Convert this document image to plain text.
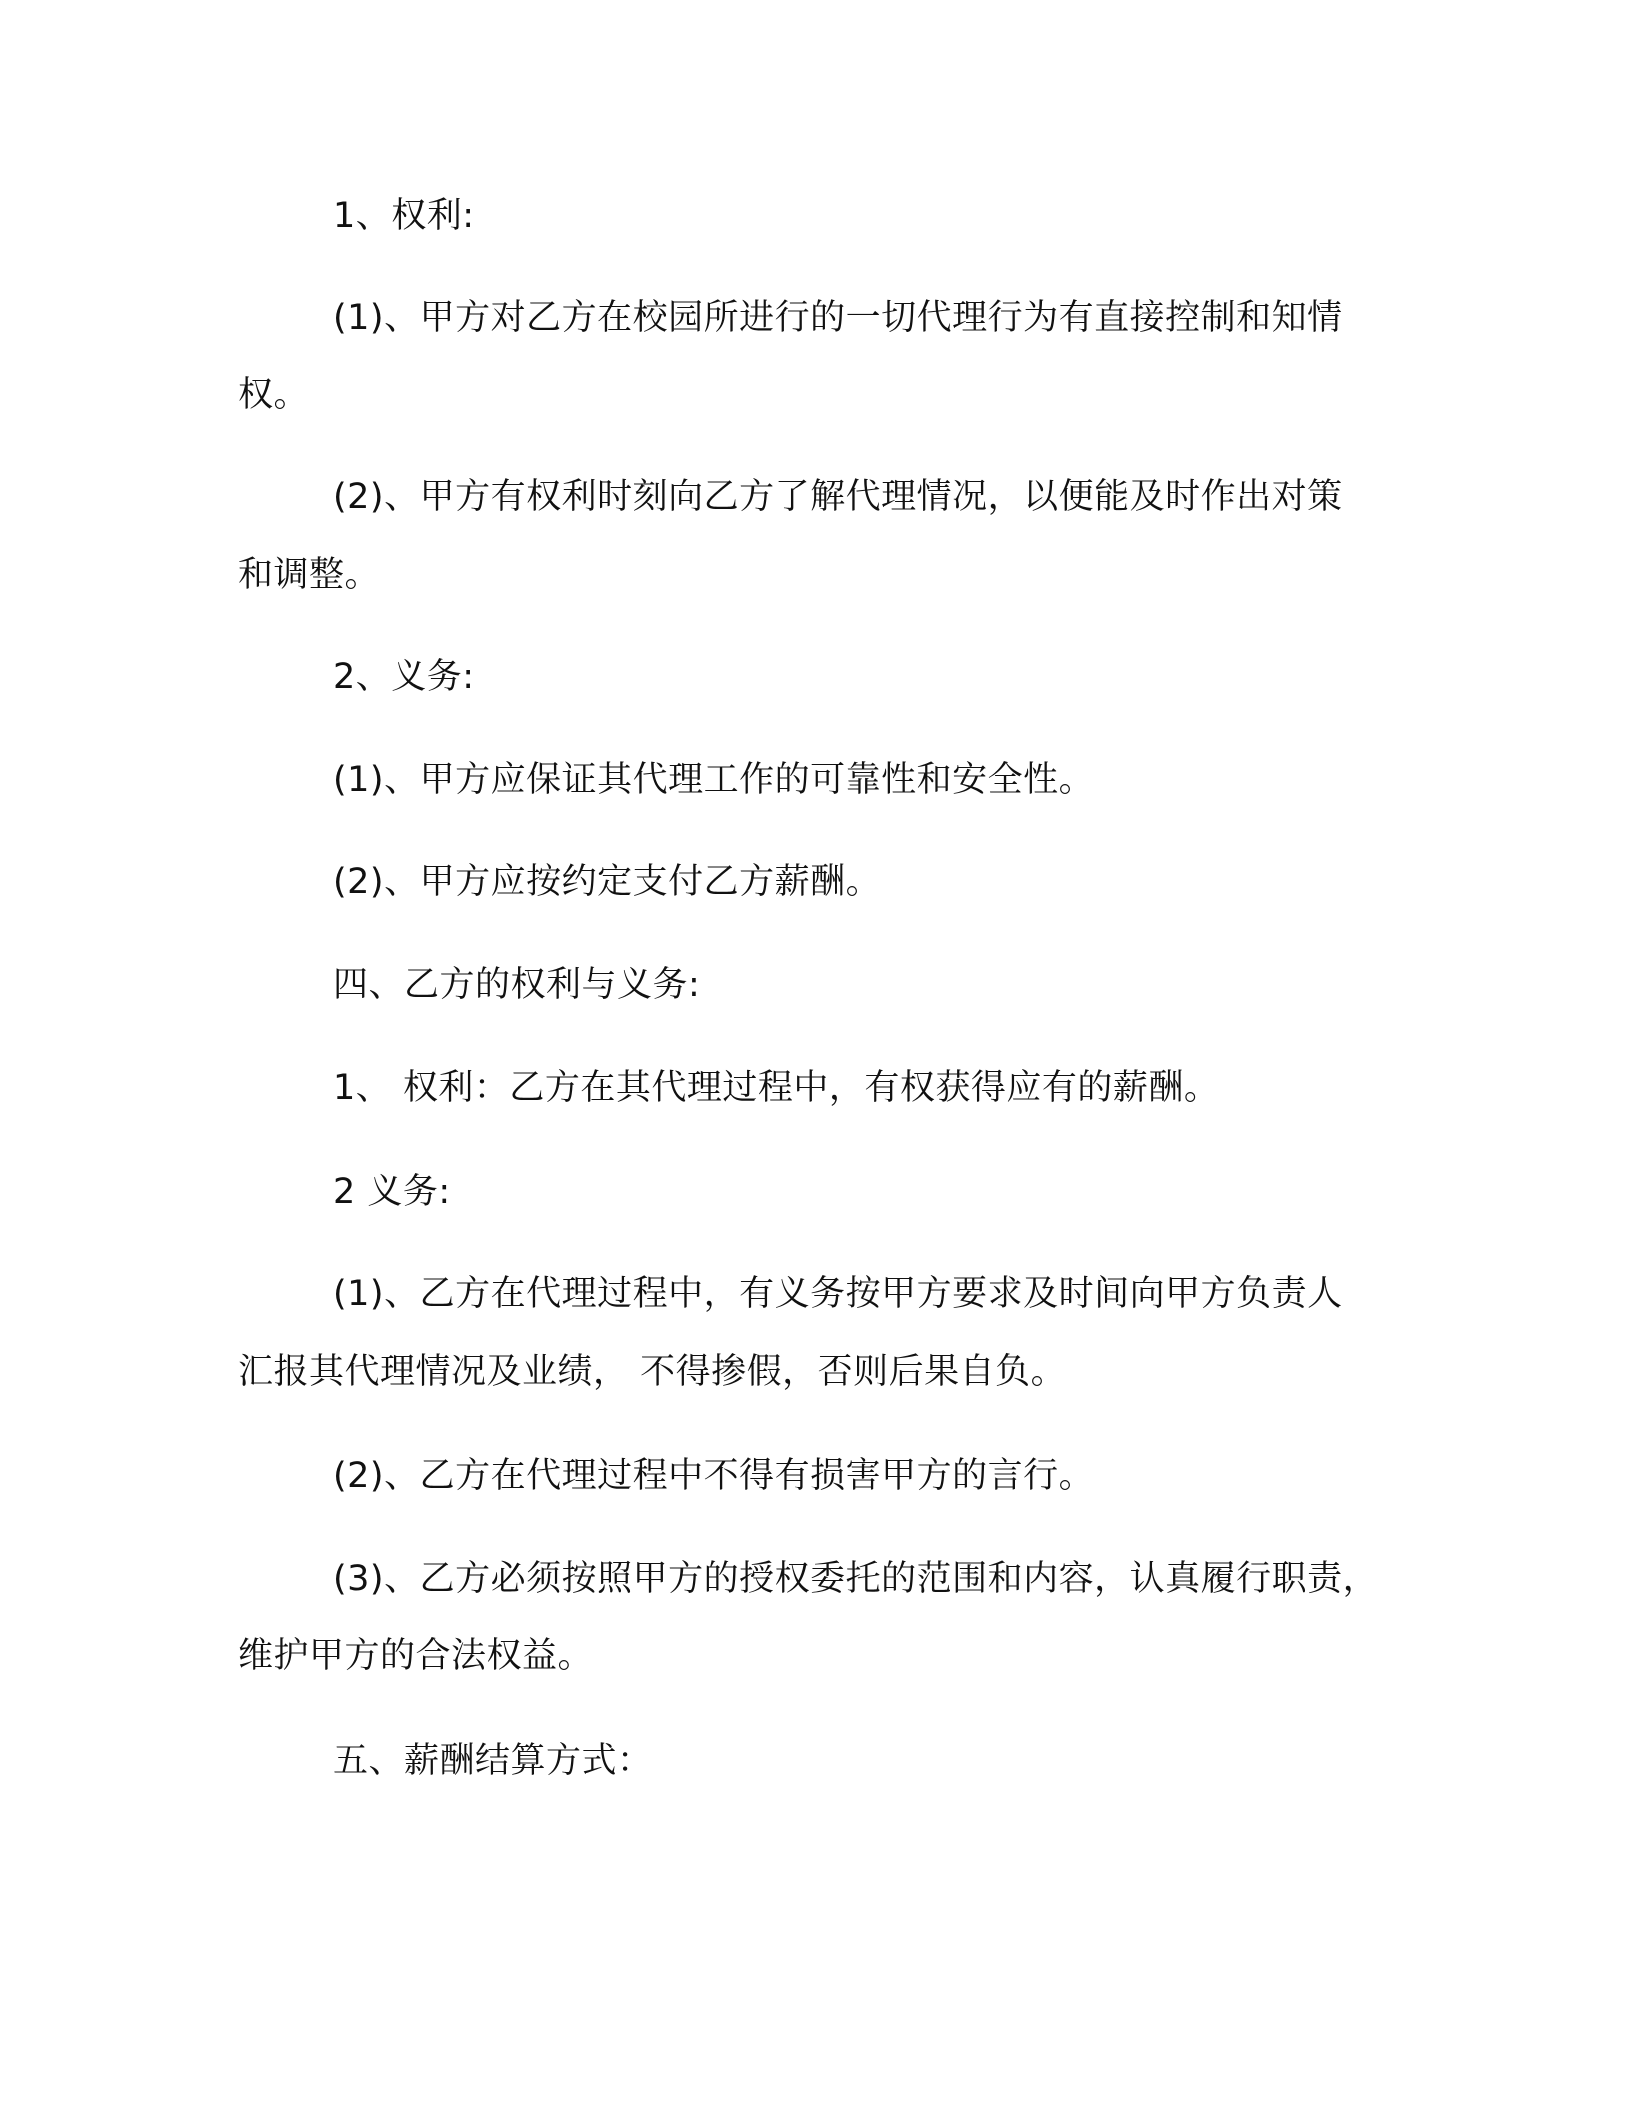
1、权利:
(1)、甲方对乙方在校园所进行的一切代理行为有直接控制和知情
权。
(2)、甲方有权利时刻向乙方了解代理情况，以便能及时作出对策
和调整。
2、义务:
(1)、甲方应保证其代理工作的可靠性和安全性。
(2)、甲方应按约定支付乙方薪酬。
四、乙方的权利与义务:
1、 权利：乙方在其代理过程中，有权获得应有的薪酬。
2 义务:
(1)、乙方在代理过程中，有义务按甲方要求及时间向甲方负责人
汇报其代理情况及业绩， 不得掺假，否则后果自负。
(2)、乙方在代理过程中不得有损害甲方的言行。
(3)、乙方必须按照甲方的授权委托的范围和内容，认真履行职责，
维护甲方的合法权益。
五、薪酬结算方式：
